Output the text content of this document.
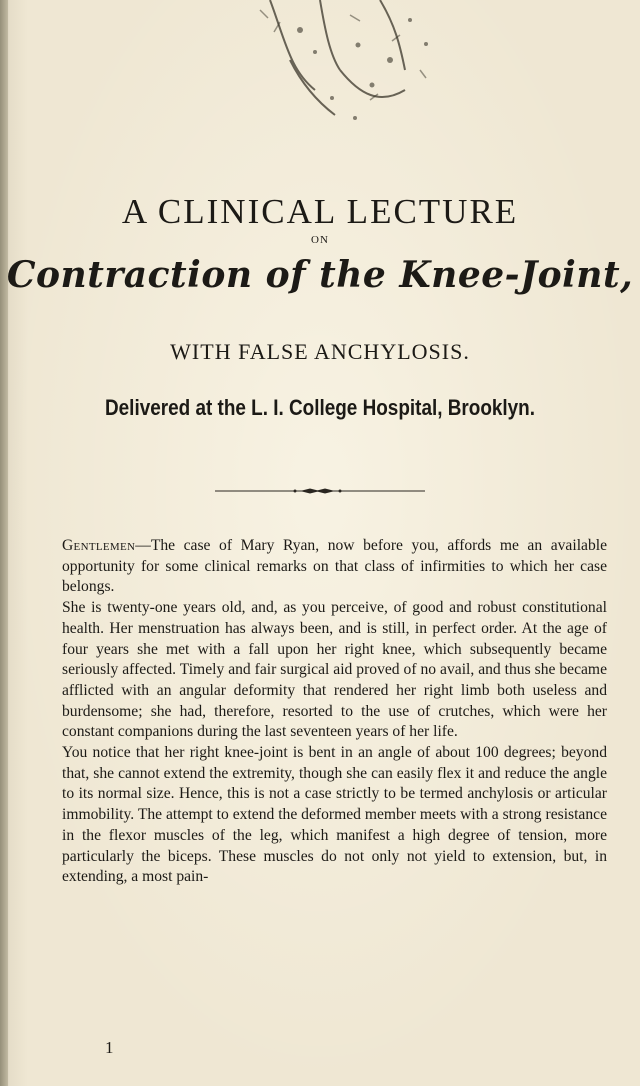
A CLINICAL LECTURE
ON
Contraction of the Knee-Joint,
WITH FALSE ANCHYLOSIS.
Delivered at the L. I. College Hospital, Brooklyn.

Gentlemen—The case of Mary Ryan, now before you, affords me an available opportunity for some clinical remarks on that class of infirmities to which her case belongs.

She is twenty-one years old, and, as you perceive, of good and robust constitutional health. Her menstruation has always been, and is still, in perfect order. At the age of four years she met with a fall upon her right knee, which subsequently became seriously affected. Timely and fair surgical aid proved of no avail, and thus she became afflicted with an angular deformity that rendered her right limb both useless and burdensome; she had, therefore, resorted to the use of crutches, which were her constant companions during the last seventeen years of her life.

You notice that her right knee-joint is bent in an angle of about 100 degrees; beyond that, she cannot extend the extremity, though she can easily flex it and reduce the angle to its normal size. Hence, this is not a case strictly to be termed anchylosis or articular immobility. The attempt to extend the deformed member meets with a strong resistance in the flexor muscles of the leg, which manifest a high degree of tension, more particularly the biceps. These muscles do not only not yield to extension, but, in extending, a most pain-

1
